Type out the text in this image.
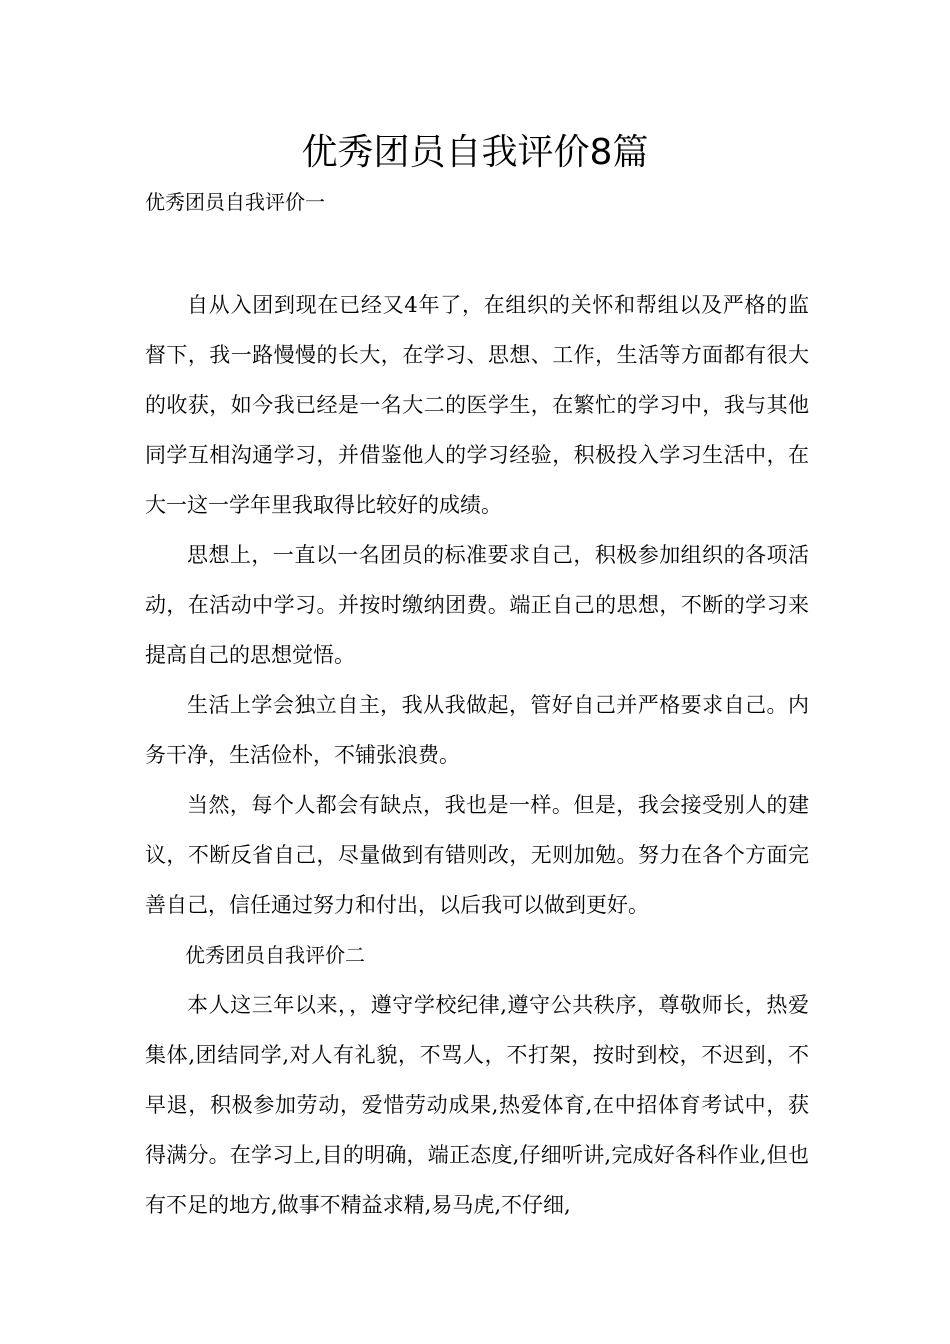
优秀团员自我评价8篇
优秀团员自我评价一

自从入团到现在已经又4年了，在组织的关怀和帮组以及严格的监督下，我一路慢慢的长大，在学习、思想、工作，生活等方面都有很大的收获，如今我已经是一名大二的医学生，在繁忙的学习中，我与其他同学互相沟通学习，并借鉴他人的学习经验，积极投入学习生活中，在大一这一学年里我取得比较好的成绩。

思想上，一直以一名团员的标准要求自己，积极参加组织的各项活动，在活动中学习。并按时缴纳团费。端正自己的思想，不断的学习来提高自己的思想觉悟。

生活上学会独立自主，我从我做起，管好自己并严格要求自己。内务干净，生活俭朴，不铺张浪费。

当然，每个人都会有缺点，我也是一样。但是，我会接受别人的建议，不断反省自己，尽量做到有错则改，无则加勉。努力在各个方面完善自己，信任通过努力和付出，以后我可以做到更好。

优秀团员自我评价二

本人这三年以来，，遵守学校纪律,遵守公共秩序，尊敬师长，热爱集体,团结同学,对人有礼貌，不骂人，不打架，按时到校，不迟到，不早退，积极参加劳动，爱惜劳动成果,热爱体育,在中招体育考试中，获得满分。在学习上,目的明确，端正态度,仔细听讲,完成好各科作业,但也有不足的地方,做事不精益求精,易马虎,不仔细,
